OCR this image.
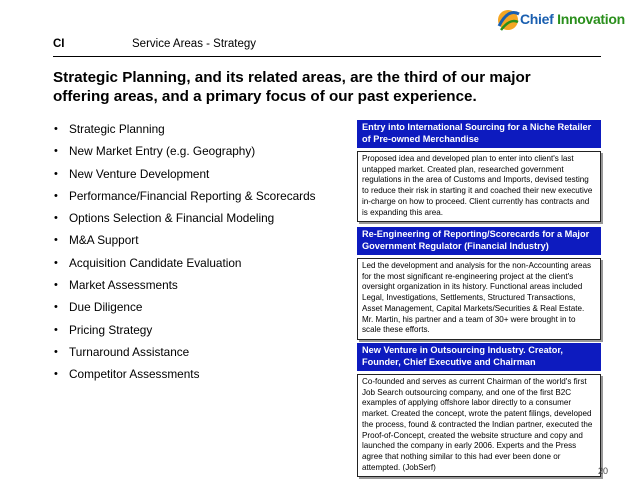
CI	Service Areas - Strategy
Chief Innovation
Strategic Planning, and its related areas, are the third of our major offering areas, and a primary focus of our past experience.
• Strategic Planning
• New Market Entry (e.g. Geography)
• New Venture Development
• Performance/Financial Reporting & Scorecards
• Options Selection & Financial Modeling
• M&A Support
• Acquisition Candidate Evaluation
• Market Assessments
• Due Diligence
• Pricing Strategy
• Turnaround Assistance
• Competitor Assessments
Entry into International Sourcing for a Niche Retailer of Pre-owned Merchandise
Proposed idea and developed plan to enter into client's last untapped market. Created plan, researched government regulations in the area of Customs and Imports, devised testing to reduce their risk in starting it and coached their new executive in-charge on how to proceed. Client currently has contracts and is expanding this area.
Re-Engineering of Reporting/Scorecards for a Major Government Regulator (Financial Industry)
Led the development and analysis for the non-Accounting areas for the most significant re-engineering project at the client's oversight organization in its history. Functional areas included Legal, Investigations, Settlements, Structured Transactions, Asset Management, Capital Markets/Securities & Real Estate. Mr. Martin, his partner and a team of 30+ were brought in to scale these efforts.
New Venture in Outsourcing Industry. Creator, Founder, Chief Executive and Chairman
Co-founded and serves as current Chairman of the world's first Job Search outsourcing company, and one of the first B2C examples of applying offshore labor directly to a consumer market. Created the concept, wrote the patent filings, developed the process, found & contracted the Indian partner, executed the Proof-of-Concept, created the website structure and copy and launched the company in early 2006. Experts and the Press agree that nothing similar to this had ever been done or attempted. (JobSerf)	20
